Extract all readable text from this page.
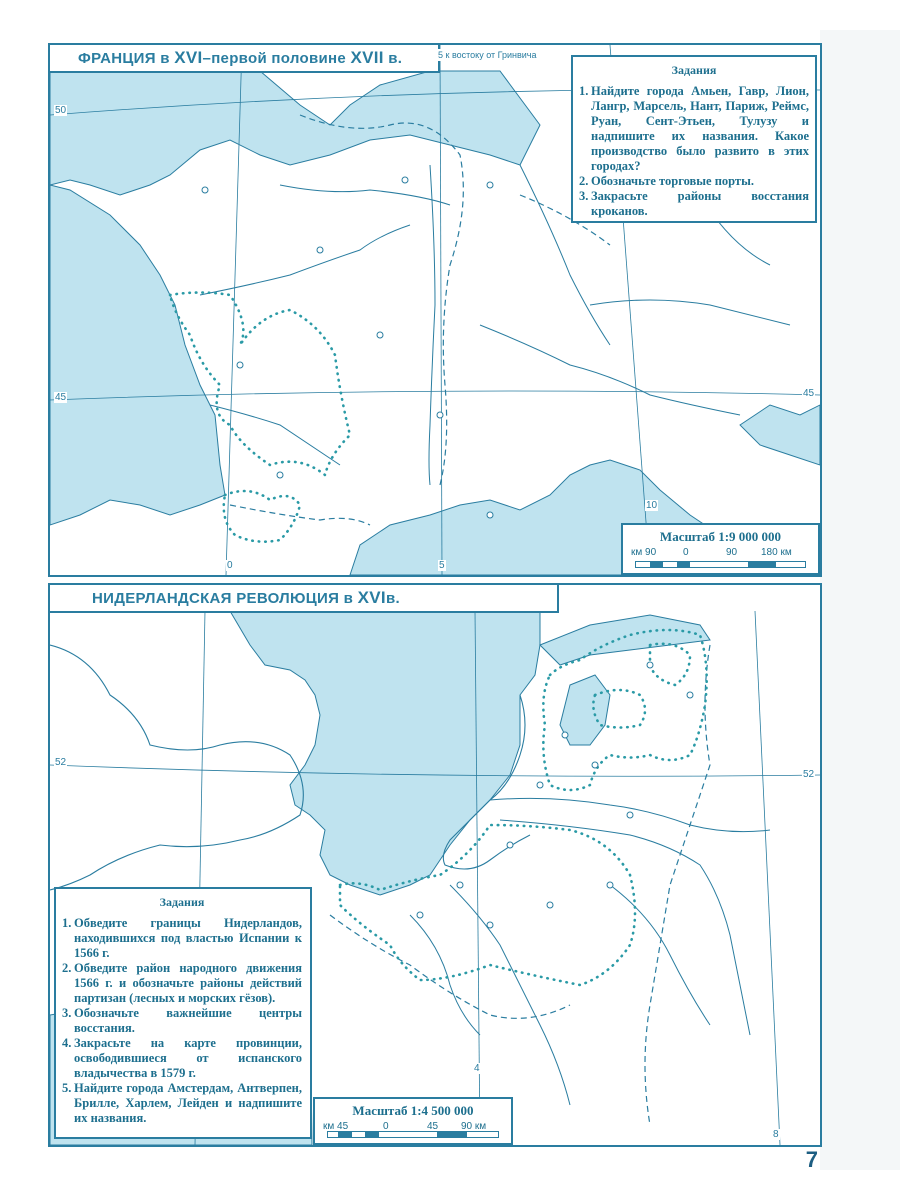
ФРАНЦИЯ в XVI–первой половине XVII в.	5 к востоку от Гринвича
50
45	45
0	5
10
Задания
1. Найдите города Амьен, Гавр, Лион, Лангр, Марсель, Нант, Париж, Реймс, Руан, Сент-Этьен, Тулузу и надпишите их названия. Какое производство было развито в этих городах?
2. Обозначьте торговые порты.
3. Закрасьте районы восстания кроканов.
Масштаб 1:9 000 000
км 90	0	90 180 км
НИДЕРЛАНДСКАЯ РЕВОЛЮЦИЯ в XVIв.
52
52
4
8
Задания
1. Обведите границы Нидерландов, находившихся под властью Испании к 1566 г.
2. Обведите район народного движения 1566 г. и обозначьте районы действий партизан (лесных и морских гёзов).
3. Обозначьте важнейшие центры восстания.
4. Закрасьте на карте провинции, освободившиеся от испанского владычества в 1579 г.
5. Найдите города Амстердам, Антверпен, Брилле, Харлем, Лейден и надпишите их названия.	Масштаб 1:4 500 000
км 45	0	45 90 км
7
